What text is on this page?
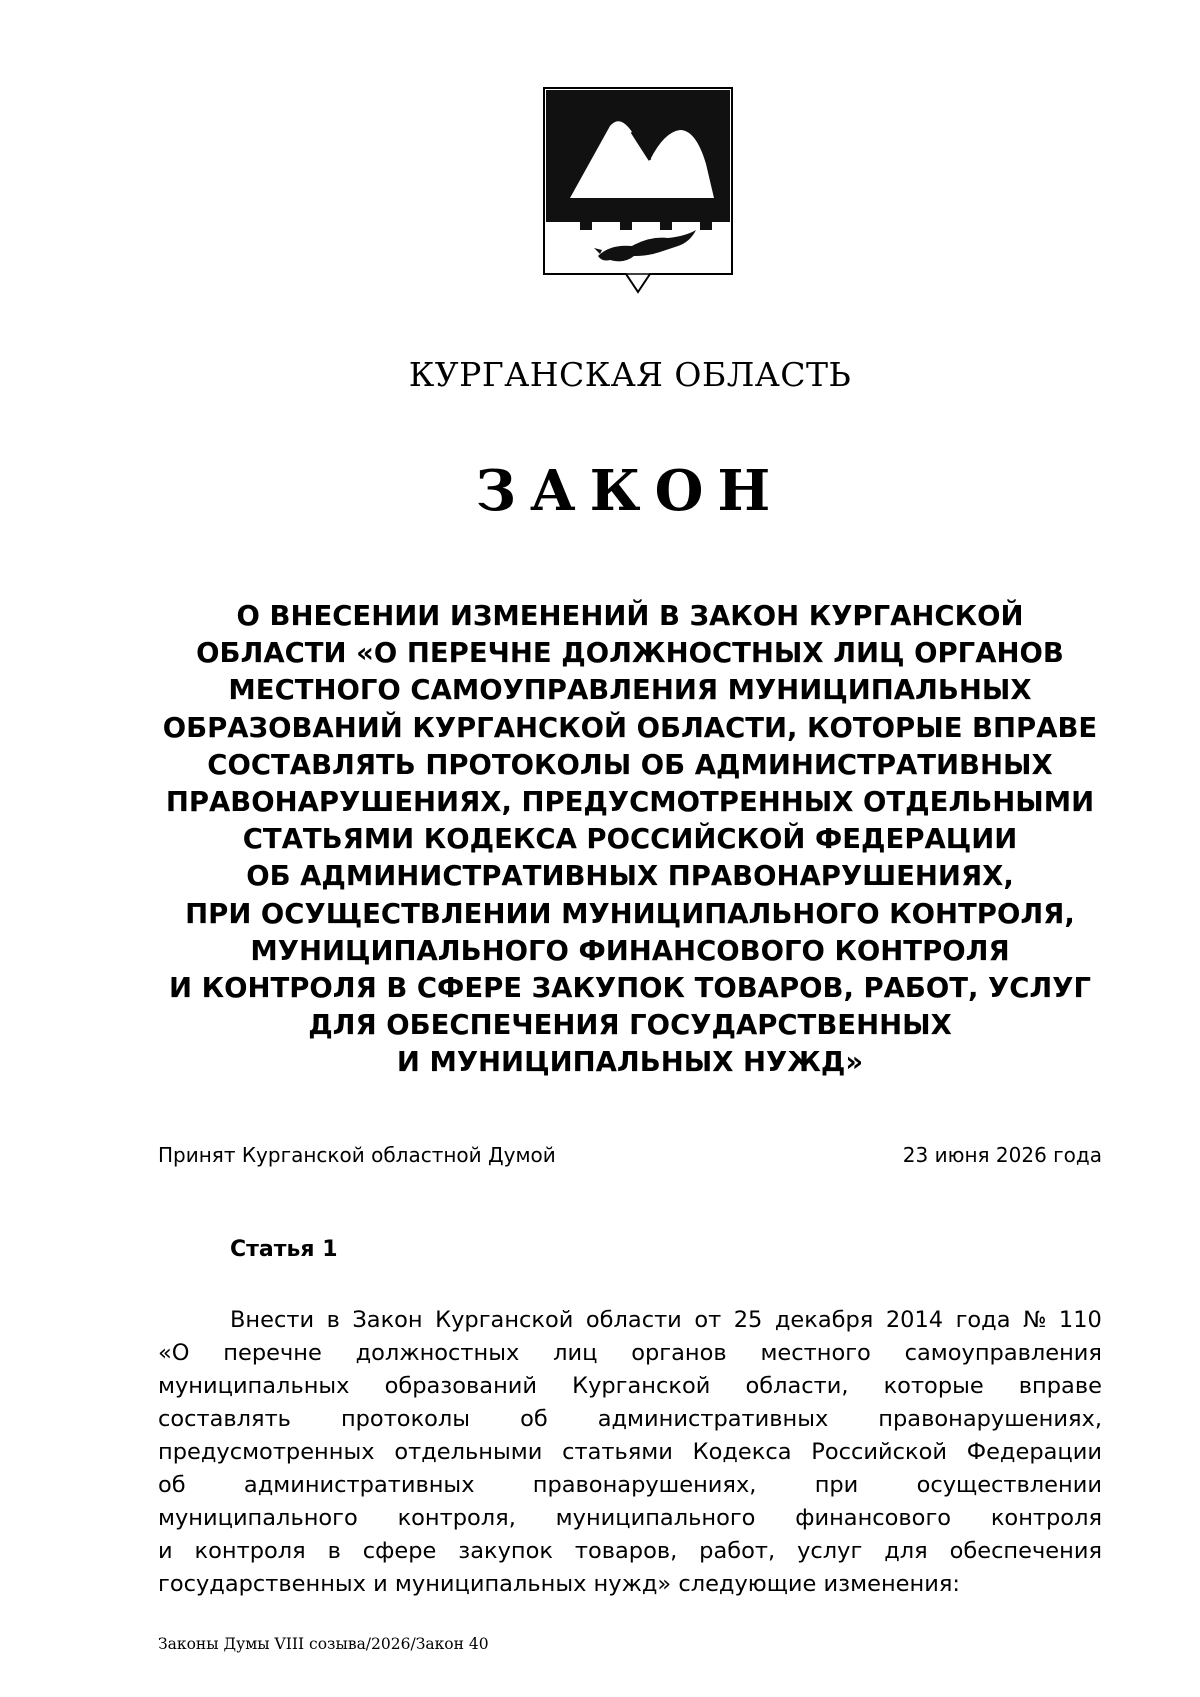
КУРГАНСКАЯ ОБЛАСТЬ
ЗАКОН
О ВНЕСЕНИИ ИЗМЕНЕНИЙ В ЗАКОН КУРГАНСКОЙ
ОБЛАСТИ «О ПЕРЕЧНЕ ДОЛЖНОСТНЫХ ЛИЦ ОРГАНОВ
МЕСТНОГО САМОУПРАВЛЕНИЯ МУНИЦИПАЛЬНЫХ
ОБРАЗОВАНИЙ КУРГАНСКОЙ ОБЛАСТИ, КОТОРЫЕ ВПРАВЕ
СОСТАВЛЯТЬ ПРОТОКОЛЫ ОБ АДМИНИСТРАТИВНЫХ
ПРАВОНАРУШЕНИЯХ, ПРЕДУСМОТРЕННЫХ ОТДЕЛЬНЫМИ
СТАТЬЯМИ КОДЕКСА РОССИЙСКОЙ ФЕДЕРАЦИИ
ОБ АДМИНИСТРАТИВНЫХ ПРАВОНАРУШЕНИЯХ,
ПРИ ОСУЩЕСТВЛЕНИИ МУНИЦИПАЛЬНОГО КОНТРОЛЯ,
МУНИЦИПАЛЬНОГО ФИНАНСОВОГО КОНТРОЛЯ
И КОНТРОЛЯ В СФЕРЕ ЗАКУПОК ТОВАРОВ, РАБОТ, УСЛУГ
ДЛЯ ОБЕСПЕЧЕНИЯ ГОСУДАРСТВЕННЫХ
И МУНИЦИПАЛЬНЫХ НУЖД»
Принят Курганской областной Думой	23 июня 2026 года
Статья 1
Внести в Закон Курганской области от 25 декабря 2014 года № 110
«О перечне должностных лиц органов местного самоуправления
муниципальных образований Курганской области, которые вправе
составлять протоколы об административных правонарушениях,
предусмотренных отдельными статьями Кодекса Российской Федерации
об	административных	правонарушениях,	при	осуществлении
муниципального контроля, муниципального финансового контроля
и контроля в сфере закупок товаров, работ, услуг для обеспечения
государственных и муниципальных нужд» следующие изменения:
Законы Думы VIII созыва/2026/Закон 40
